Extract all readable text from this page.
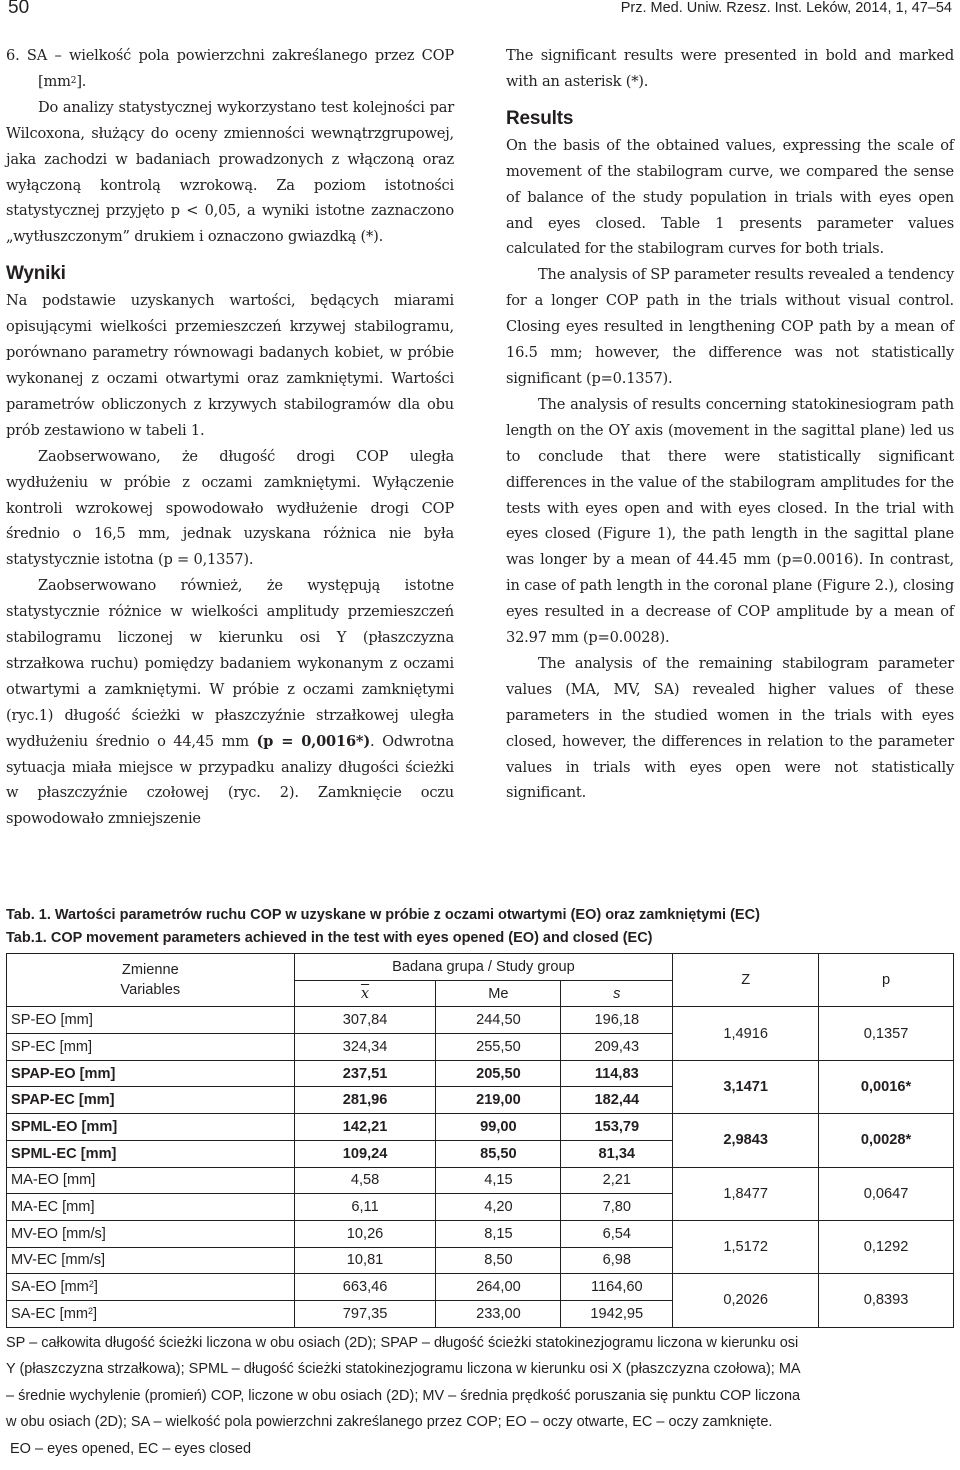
50	Prz. Med. Uniw. Rzesz. Inst. Leków, 2014, 1, 47–54

6. SA – wielkość pola powierzchni zakreślanego przez COP $[mm^2]$.

Do analizy statystycznej wykorzystano test kolejności par Wilcoxona, służący do oceny zmienności wewnątrzgrupowej, jaka zachodzi w badaniach prowadzonych z włączoną oraz wyłączoną kontrolą wzrokową. Za poziom istotności statystycznej przyjęto p < 0,05, a wyniki istotne zaznaczono „wytłuszczonym” drukiem i oznaczono gwiazdką (*).

Wyniki

Na podstawie uzyskanych wartości, będących miarami opisującymi wielkości przemieszczeń krzywej stabilogramu, porównano parametry równowagi badanych kobiet, w próbie wykonanej z oczami otwartymi oraz zamkniętymi. Wartości parametrów obliczonych z krzywych stabilogramów dla obu prób zestawiono w tabeli 1.

Zaobserwowano, że długość drogi COP uległa wydłużeniu w próbie z oczami zamkniętymi. Wyłączenie kontroli wzrokowej spowodowało wydłużenie drogi COP średnio o 16,5 mm, jednak uzyskana różnica nie była statystycznie istotna (p = 0,1357).

Zaobserwowano również, że występują istotne statystycznie różnice w wielkości amplitudy przemieszczeń stabilogramu liczonej w kierunku osi Y (płaszczyzna strzałkowa ruchu) pomiędzy badaniem wykonanym z oczami otwartymi a zamkniętymi. W próbie z oczami zamkniętymi (ryc.1) długość ścieżki w płaszczyźnie strzałkowej uległa wydłużeniu średnio o 44,45 mm (p = 0,0016*). Odwrotna sytuacja miała miejsce w przypadku analizy długości ścieżki w płaszczyźnie czołowej (ryc. 2). Zamknięcie oczu spowodowało zmniejszenie

The significant results were presented in bold and marked with an asterisk (*).

Results

On the basis of the obtained values, expressing the scale of movement of the stabilogram curve, we compared the sense of balance of the study population in trials with eyes open and eyes closed. Table 1 presents parameter values calculated for the stabilogram curves for both trials.

The analysis of SP parameter results revealed a tendency for a longer COP path in the trials without visual control. Closing eyes resulted in lengthening COP path by a mean of 16.5 mm; however, the difference was not statistically significant (p=0.1357).

The analysis of results concerning statokinesiogram path length on the OY axis (movement in the sagittal plane) led us to conclude that there were statistically significant differences in the value of the stabilogram amplitudes for the tests with eyes open and with eyes closed. In the trial with eyes closed (Figure 1), the path length in the sagittal plane was longer by a mean of 44.45 mm (p=0.0016). In contrast, in case of path length in the coronal plane (Figure 2.), closing eyes resulted in a decrease of COP amplitude by a mean of 32.97 mm (p=0.0028).

The analysis of the remaining stabilogram parameter values (MA, MV, SA) revealed higher values of these parameters in the studied women in the trials with eyes closed, however, the differences in relation to the parameter values in trials with eyes open were not statistically significant.

Tab. 1. Wartości parametrów ruchu COP w uzyskane w próbie z oczami otwartymi (EO) oraz zamkniętymi (EC)
Tab.1. COP movement parameters achieved in the test with eyes opened (EO) and closed (EC)
Zmienne
Variables	Badana grupa / Study group			Z	p
	$\overline{x}$	Me	s		
SP-EO [mm]	307,84	244,50	196,18	1,4916	0,1357
SP-EC [mm]	324,34	255,50	209,43		
SPAP-EO [mm]	237,51	205,50	114,83	3,1471	0,0016*
SPAP-EC [mm]	281,96	219,00	182,44		
SPML-EO [mm]	142,21	99,00	153,79	2,9843	0,0028*
SPML-EC [mm]	109,24	85,50	81,34		
MA-EO [mm]	4,58	4,15	2,21	1,8477	0,0647
MA-EC [mm]	6,11	4,20	7,80		
MV-EO [mm/s]	10,26	8,15	6,54	1,5172	0,1292
MV-EC [mm/s]	10,81	8,50	6,98		
SA-EO $[mm^2]$	663,46	264,00	1164,60	0,2026	0,8393
SA-EC $[mm^2]$	797,35	233,00	1942,95		

SP – całkowita długość ścieżki liczona w obu osiach (2D); SPAP – długość ścieżki statokinezjogramu liczona w kierunku osi

Y (płaszczyzna strzałkowa); SPML – długość ścieżki statokinezjogramu liczona w kierunku osi X (płaszczyzna czołowa); MA

– średnie wychylenie (promień) COP, liczone w obu osiach (2D); MV – średnia prędkość poruszania się punktu COP liczona

w obu osiach (2D); SA – wielkość pola powierzchni zakreślanego przez COP; EO – oczy otwarte, EC – oczy zamknięte.

EO – eyes opened, EC – eyes closed
